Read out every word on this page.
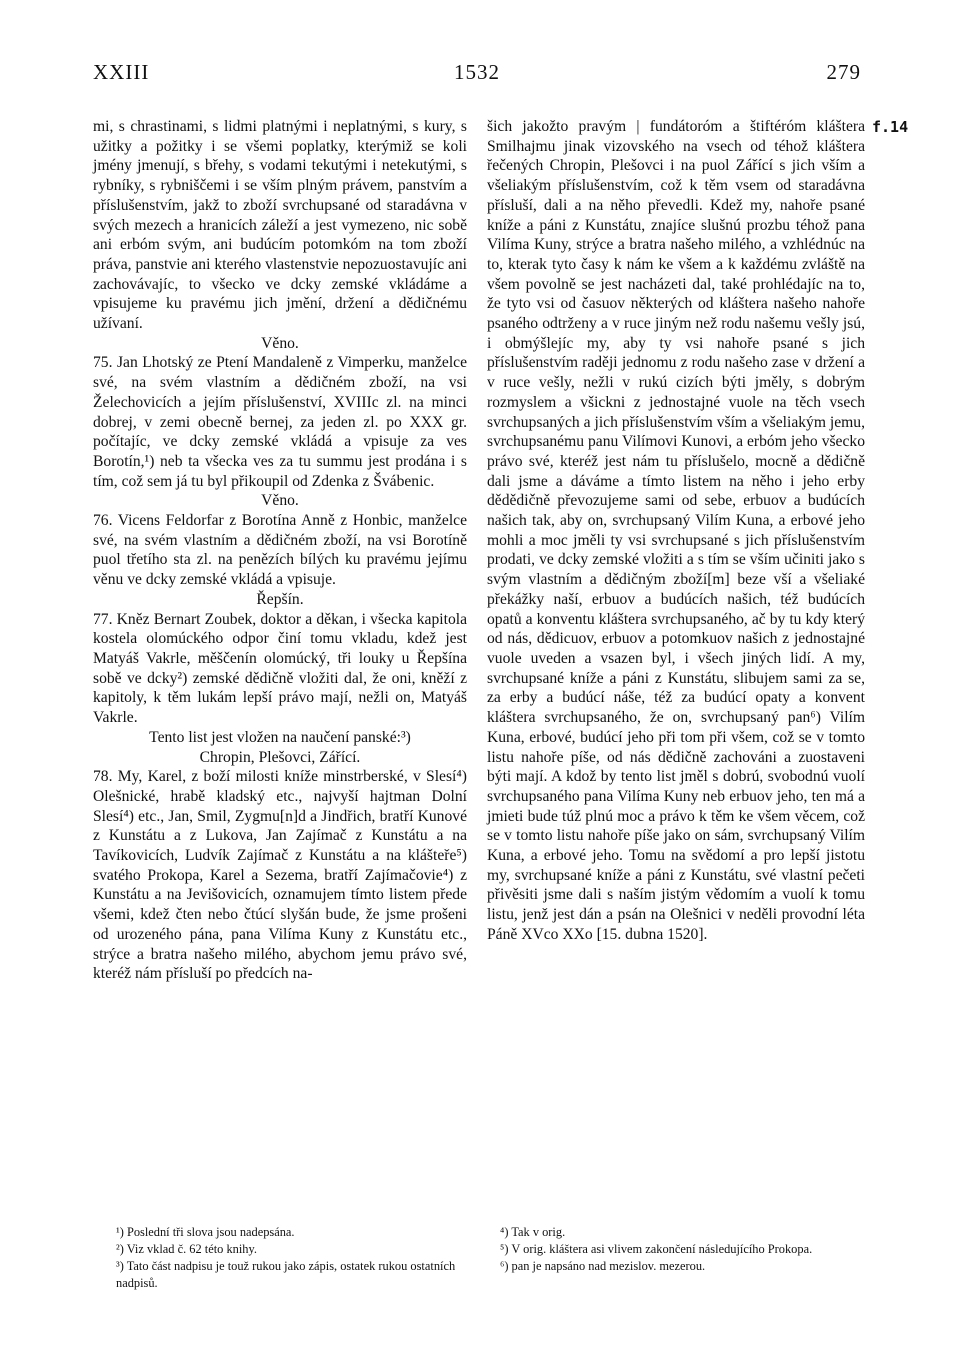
XXIII	1532	279
f.14

mi, s chrastinami, s lidmi platnými i neplatnými, s kury, s užitky a požitky i se všemi poplatky, kterýmiž se koli jmény jmenují, s břehy, s vodami tekutými i netekutými, s rybníky, s rybniščemi i se vším plným právem, panstvím a příslušenstvím, jakž to zboží svrchupsané od staradávna v svých mezech a hranicích záleží a jest vymezeno, nic sobě ani erbóm svým, ani budúcím potomkóm na tom zboží práva, panstvie ani kterého vlastenstvie nepozuostavujíc ani zachovávajíc, to všecko ve dcky zemské vkládáme a vpisujeme ku pravému jich jmění, držení a dědičnému užívaní.

Věno.

75. Jan Lhotský ze Ptení Mandaleně z Vimperku, manželce své, na svém vlastním a dědičném zboží, na vsi Želechovicích a jejím příslušenství, XVIIIc zl. na minci dobrej, v zemi obecně bernej, za jeden zl. po XXX gr. počítajíc, ve dcky zemské vkládá a vpisuje za ves Borotín,¹) neb ta všecka ves za tu summu jest prodána i s tím, což sem já tu byl přikoupil od Zdenka z Švábenic.

Věno.

76. Vicens Feldorfar z Borotína Anně z Honbic, manželce své, na svém vlastním a dědičném zboží, na vsi Borotíně puol třetího sta zl. na penězích bílých ku pravému jejímu věnu ve dcky zemské vkládá a vpisuje.

Řepšín.

77. Kněz Bernart Zoubek, doktor a děkan, i všecka kapitola kostela olomúckého odpor činí tomu vkladu, kdež jest Matyáš Vakrle, měščenín olomúcký, tři louky u Řepšína sobě ve dcky²) zemské dědičně vložiti dal, že oni, kněží z kapitoly, k těm lukám lepší právo mají, nežli on, Matyáš Vakrle.

Tento list jest vložen na naučení panské:³)

Chropin, Plešovci, Zářící.

78. My, Karel, z boží milosti kníže minstrberské, v Slesí⁴) Olešnické, hrabě kladský etc., najvyší hajtman Dolní Slesí⁴) etc., Jan, Smil, Zygmu[n]d a Jindřich, bratří Kunové z Kunstátu a z Lukova, Jan Zajímač z Kunstátu a na Tavíkovicích, Ludvík Zajímač z Kunstátu a na klášteře⁵) svatého Prokopa, Karel a Sezema, bratří Zajímačovie⁴) z Kunstátu a na Jevišovicích, oznamujem tímto listem přede všemi, kdež čten nebo čtúcí slyšán bude, že jsme prošeni od urozeného pána, pana Vilíma Kuny z Kunstátu etc., strýce a bratra našeho milého, abychom jemu právo své, kteréž nám přísluší po předcích na-

šich jakožto pravým | fundátoróm a štiftéróm kláštera Smilhajmu jinak vizovského na vsech od téhož kláštera řečených Chropin, Plešovci i na puol Zářící s jich vším a všeliakým příslušenstvím, což k těm vsem od staradávna přísluší, dali a na něho převedli. Kdež my, nahoře psané kníže a páni z Kunstátu, znajíce slušnú prozbu téhož pana Vilíma Kuny, strýce a bratra našeho milého, a vzhlédnúc na to, kterak tyto časy k nám ke všem a k každému zvláště na všem povolně se jest nacházeti dal, také prohlédajíc na to, že tyto vsi od časuov některých od kláštera našeho nahoře psaného odtrženy a v ruce jiným než rodu našemu vešly jsú, i obmýšlejíc my, aby ty vsi nahoře psané s jich příslušenstvím raději jednomu z rodu našeho zase v držení a v ruce vešly, nežli v rukú cizích býti jměly, s dobrým rozmyslem a všickni z jednostajné vuole na těch vsech svrchupsaných a jich příslušenstvím vším a všeliakým jemu, svrchupsanému panu Vilímovi Kunovi, a erbóm jeho všecko právo své, kteréž jest nám tu příslušelo, mocně a dědičně dali jsme a dáváme a tímto listem na něho i jeho erby dědědičně převozujeme sami od sebe, erbuov a budúcích našich tak, aby on, svrchupsaný Vilím Kuna, a erbové jeho mohli a moc jměli ty vsi svrchupsané s jich příslušenstvím prodati, ve dcky zemské vložiti a s tím se vším učiniti jako s svým vlastním a dědičným zboží[m] beze vší a všeliaké překážky naší, erbuov a budúcích našich, též budúcích opatů a konventu kláštera svrchupsaného, ač by tu kdy který od nás, dědicuov, erbuov a potomkuov našich z jednostajné vuole uveden a vsazen byl, i všech jiných lidí. A my, svrchupsané kníže a páni z Kunstátu, slibujem sami za se, za erby a budúcí náše, též za budúcí opaty a konvent kláštera svrchupsaného, že on, svrchupsaný pan⁶) Vilím Kuna, erbové, budúcí jeho při tom při všem, což se v tomto listu nahoře píše, od nás dědičně zachováni a zuostaveni býti mají. A kdož by tento list jměl s dobrú, svobodnú vuolí svrchupsaného pana Vilíma Kuny neb erbuov jeho, ten má a jmieti bude túž plnú moc a právo k těm ke všem věcem, což se v tomto listu nahoře píše jako on sám, svrchupsaný Vilím Kuna, a erbové jeho. Tomu na svědomí a pro lepší jistotu my, svrchupsané kníže a páni z Kunstátu, své vlastní pečeti přivěsiti jsme dali s naším jistým vědomím a vuolí k tomu listu, jenž jest dán a psán na Olešnici v neděli provodní léta Páně XVco XXo [15. dubna 1520].

¹) Poslední tři slova jsou nadepsána.

²) Viz vklad č. 62 této knihy.

³) Tato část nadpisu je touž rukou jako zápis, ostatek rukou ostatních nadpisů.

⁴) Tak v orig.

⁵) V orig. kláštera asi vlivem zakončení následujícího Prokopa.

⁶) pan je napsáno nad mezislov. mezerou.
